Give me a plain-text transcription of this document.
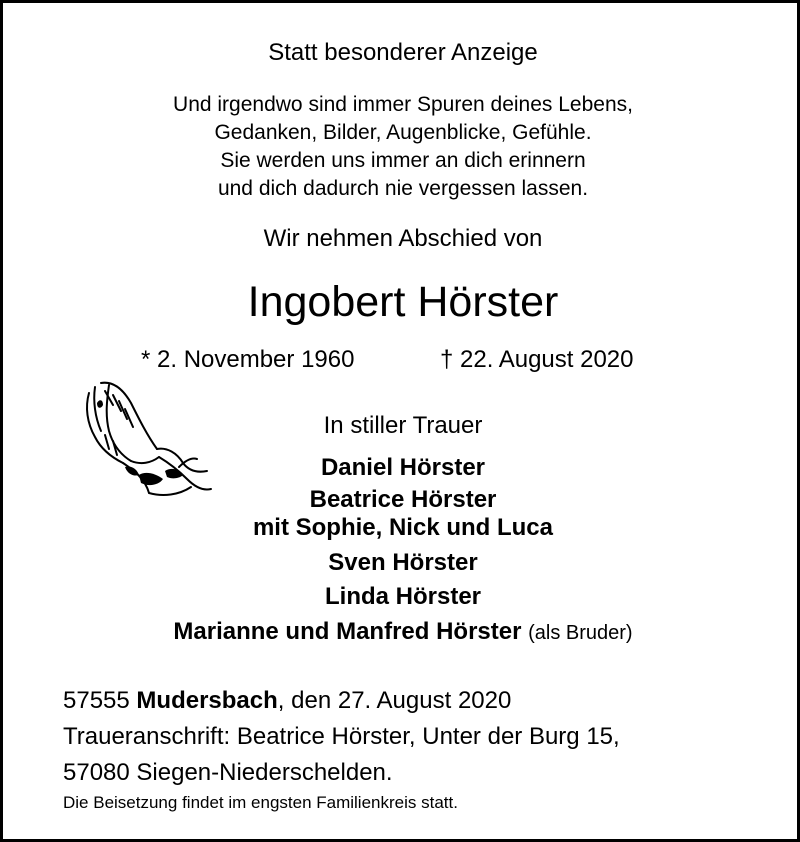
Statt besonderer Anzeige
Und irgendwo sind immer Spuren deines Lebens,
Gedanken, Bilder, Augenblicke, Gefühle.
Sie werden uns immer an dich erinnern
und dich dadurch nie vergessen lassen.
Wir nehmen Abschied von
Ingobert Hörster
* 2. November 1960	† 22. August 2020
In stiller Trauer
Daniel Hörster
Beatrice Hörster
mit Sophie, Nick und Luca
Sven Hörster
Linda Hörster
Marianne und Manfred Hörster (als Bruder)
57555 Mudersbach, den 27. August 2020
Traueranschrift: Beatrice Hörster, Unter der Burg 15,
57080 Siegen-Niederschelden.
Die Beisetzung findet im engsten Familienkreis statt.
